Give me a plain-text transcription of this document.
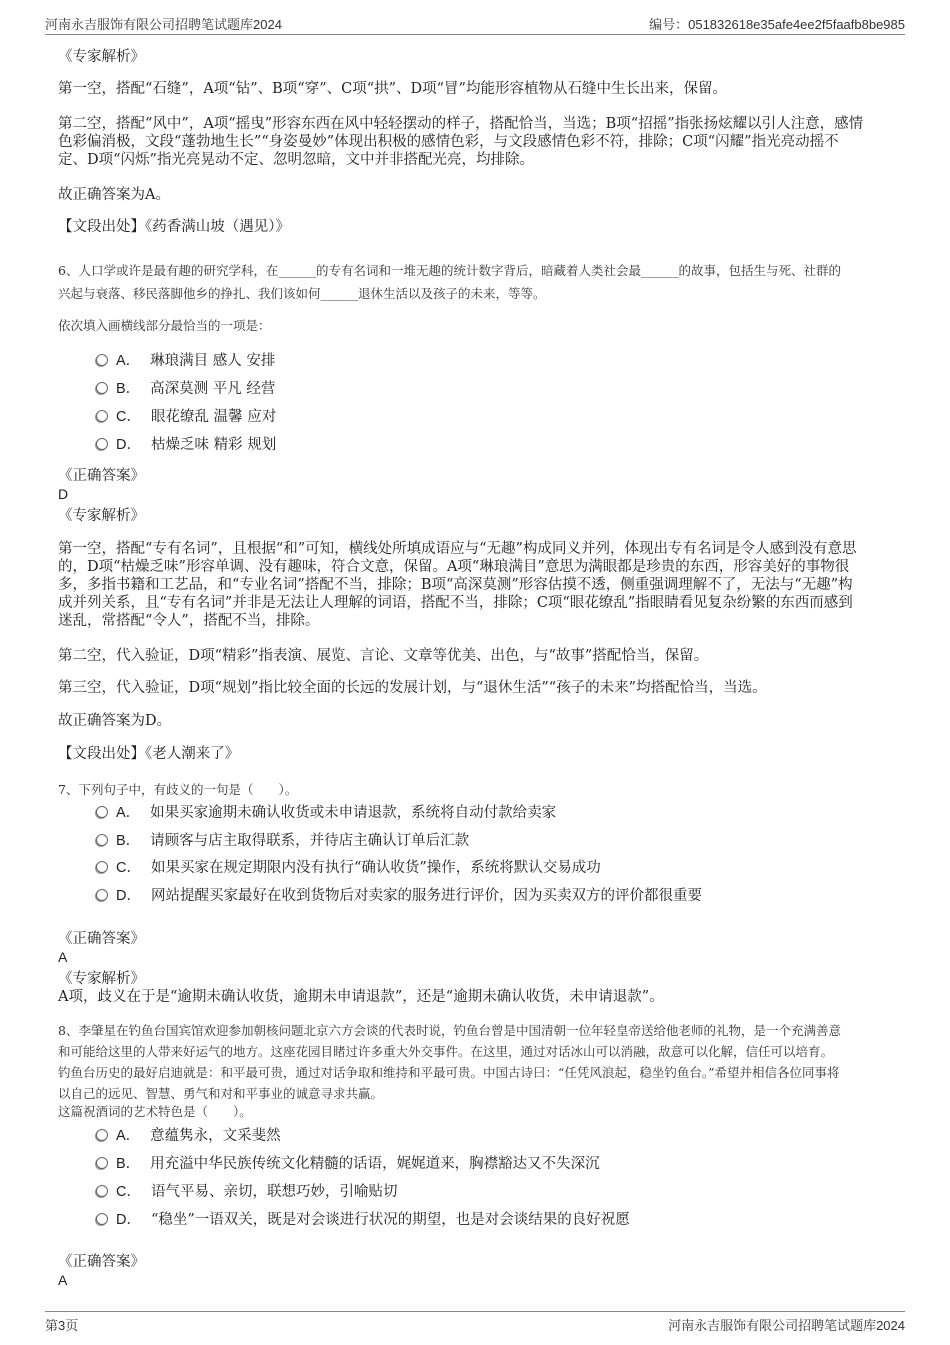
河南永吉服饰有限公司招聘笔试题库2024	编号：051832618e35afe4ee2f5faafb8be985
《专家解析》
第一空，搭配“石缝”，A项“钻”、B项“穿”、C项“拱”、D项“冒”均能形容植物从石缝中生长出来，保留。
第二空，搭配“风中”，A项“摇曳”形容东西在风中轻轻摆动的样子，搭配恰当，当选；B项“招摇”指张扬炫耀以引人注意，感情
色彩偏消极，文段“蓬勃地生长”“身姿曼妙”体现出积极的感情色彩，与文段感情色彩不符，排除；C项“闪耀”指光亮动摇不
定、D项“闪烁”指光亮晃动不定、忽明忽暗，文中并非搭配光亮，均排除。
故正确答案为A。
【文段出处】《药香满山坡（遇见）》
6、人口学或许是最有趣的研究学科，在______的专有名词和一堆无趣的统计数字背后，暗藏着人类社会最______的故事，包括生与死、社群的
兴起与衰落、移民落脚他乡的挣扎、我们该如何______退休生活以及孩子的未来，等等。
依次填入画横线部分最恰当的一项是：
A． 琳琅满目 感人 安排
B． 高深莫测 平凡 经营
C． 眼花缭乱 温馨 应对
D． 枯燥乏味 精彩 规划
《正确答案》
D
《专家解析》
第一空，搭配“专有名词”，且根据“和”可知，横线处所填成语应与“无趣”构成同义并列，体现出专有名词是令人感到没有意思
的，D项“枯燥乏味”形容单调、没有趣味，符合文意，保留。A项“琳琅满目”意思为满眼都是珍贵的东西，形容美好的事物很
多，多指书籍和工艺品，和“专业名词”搭配不当，排除；B项“高深莫测”形容估摸不透，侧重强调理解不了，无法与“无趣”构
成并列关系，且“专有名词”并非是无法让人理解的词语，搭配不当，排除；C项“眼花缭乱”指眼睛看见复杂纷繁的东西而感到
迷乱，常搭配“令人”，搭配不当，排除。
第二空，代入验证，D项“精彩”指表演、展览、言论、文章等优美、出色，与“故事”搭配恰当，保留。
第三空，代入验证，D项“规划”指比较全面的长远的发展计划，与“退休生活”“孩子的未来”均搭配恰当，当选。
故正确答案为D。
【文段出处】《老人潮来了》
7、下列句子中，有歧义的一句是（　　）。
A． 如果买家逾期未确认收货或未申请退款，系统将自动付款给卖家
B． 请顾客与店主取得联系，并待店主确认订单后汇款
C． 如果买家在规定期限内没有执行“确认收货”操作，系统将默认交易成功
D． 网站提醒买家最好在收到货物后对卖家的服务进行评价，因为买卖双方的评价都很重要
《正确答案》
A
《专家解析》
A项，歧义在于是“逾期未确认收货，逾期未申请退款”，还是“逾期未确认收货，未申请退款”。
8、李肇星在钓鱼台国宾馆欢迎参加朝核问题北京六方会谈的代表时说，钓鱼台曾是中国清朝一位年轻皇帝送给他老师的礼物，是一个充满善意
和可能给这里的人带来好运气的地方。这座花园目睹过许多重大外交事件。在这里，通过对话冰山可以消融，敌意可以化解，信任可以培育。
钓鱼台历史的最好启迪就是：和平最可贵，通过对话争取和维持和平最可贵。中国古诗曰：“任凭风浪起，稳坐钓鱼台。”希望并相信各位同事将
以自己的远见、智慧、勇气和对和平事业的诚意寻求共赢。
这篇祝酒词的艺术特色是（　　）。
A． 意蕴隽永，文采斐然
B． 用充溢中华民族传统文化精髓的话语，娓娓道来，胸襟豁达又不失深沉
C． 语气平易、亲切，联想巧妙，引喻贴切
D． “稳坐”一语双关，既是对会谈进行状况的期望，也是对会谈结果的良好祝愿
《正确答案》
A
第3页	河南永吉服饰有限公司招聘笔试题库2024
